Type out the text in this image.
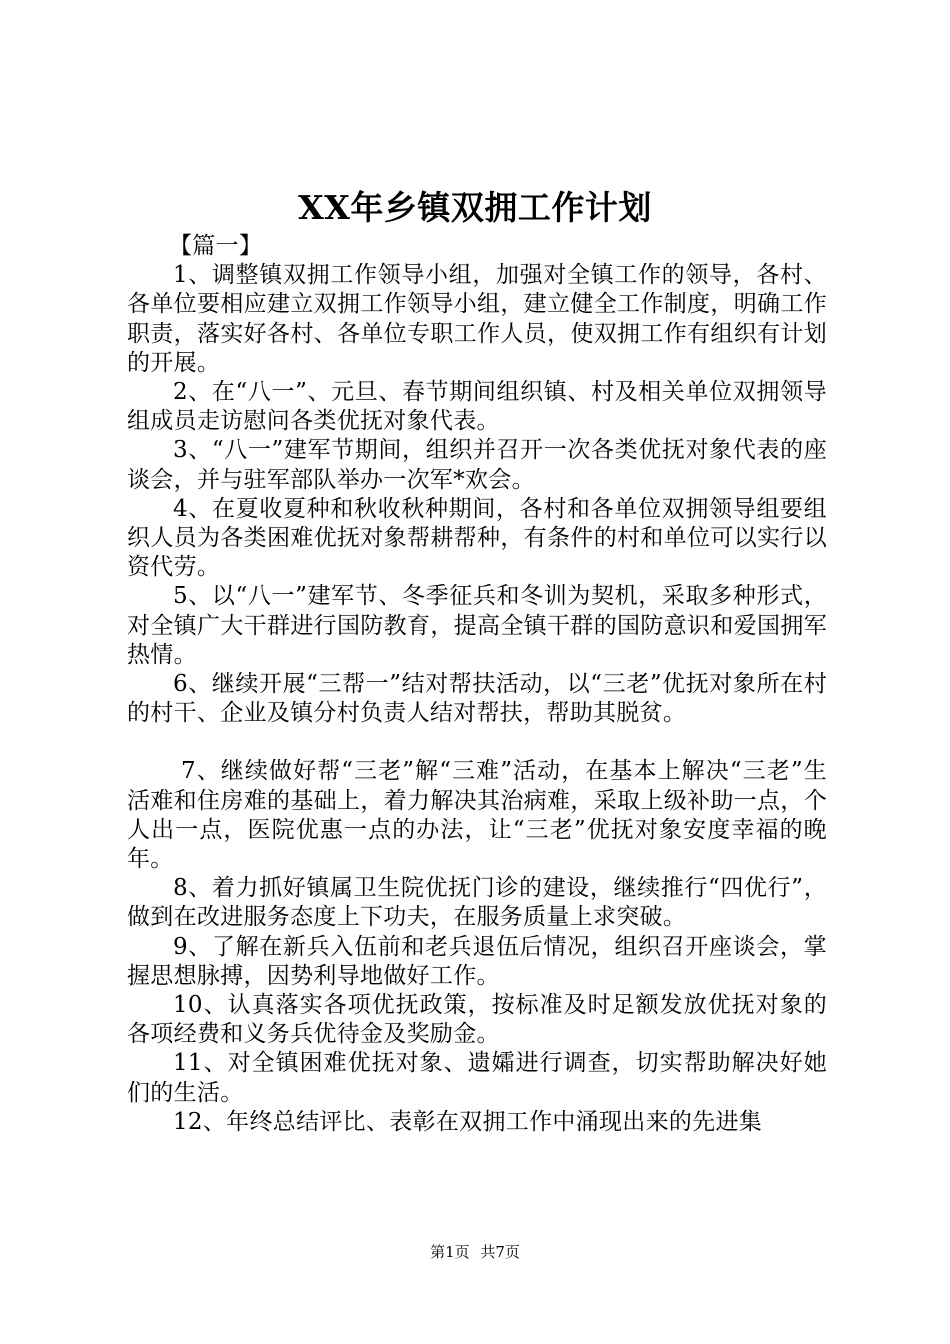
XX年乡镇双拥工作计划

【篇一】

1、调整镇双拥工作领导小组，加强对全镇工作的领导，各村、各单位要相应建立双拥工作领导小组，建立健全工作制度，明确工作职责，落实好各村、各单位专职工作人员，使双拥工作有组织有计划的开展。

2、在“八一”、元旦、春节期间组织镇、村及相关单位双拥领导组成员走访慰问各类优抚对象代表。

3、“八一”建军节期间，组织并召开一次各类优抚对象代表的座谈会，并与驻军部队举办一次军*欢会。

4、在夏收夏种和秋收秋种期间，各村和各单位双拥领导组要组织人员为各类困难优抚对象帮耕帮种，有条件的村和单位可以实行以资代劳。

5、以“八一”建军节、冬季征兵和冬训为契机，采取多种形式，对全镇广大干群进行国防教育，提高全镇干群的国防意识和爱国拥军热情。

6、继续开展“三帮一”结对帮扶活动，以“三老”优抚对象所在村的村干、企业及镇分村负责人结对帮扶，帮助其脱贫。

7、继续做好帮“三老”解“三难”活动，在基本上解决“三老”生活难和住房难的基础上，着力解决其治病难，采取上级补助一点，个人出一点，医院优惠一点的办法，让“三老”优抚对象安度幸福的晚年。

8、着力抓好镇属卫生院优抚门诊的建设，继续推行“四优行”，做到在改进服务态度上下功夫，在服务质量上求突破。

9、了解在新兵入伍前和老兵退伍后情况，组织召开座谈会，掌握思想脉搏，因势利导地做好工作。

10、认真落实各项优抚政策，按标准及时足额发放优抚对象的各项经费和义务兵优待金及奖励金。

11、对全镇困难优抚对象、遗孀进行调查，切实帮助解决好她们的生活。

12、年终总结评比、表彰在双拥工作中涌现出来的先进集

第1页 共7页
